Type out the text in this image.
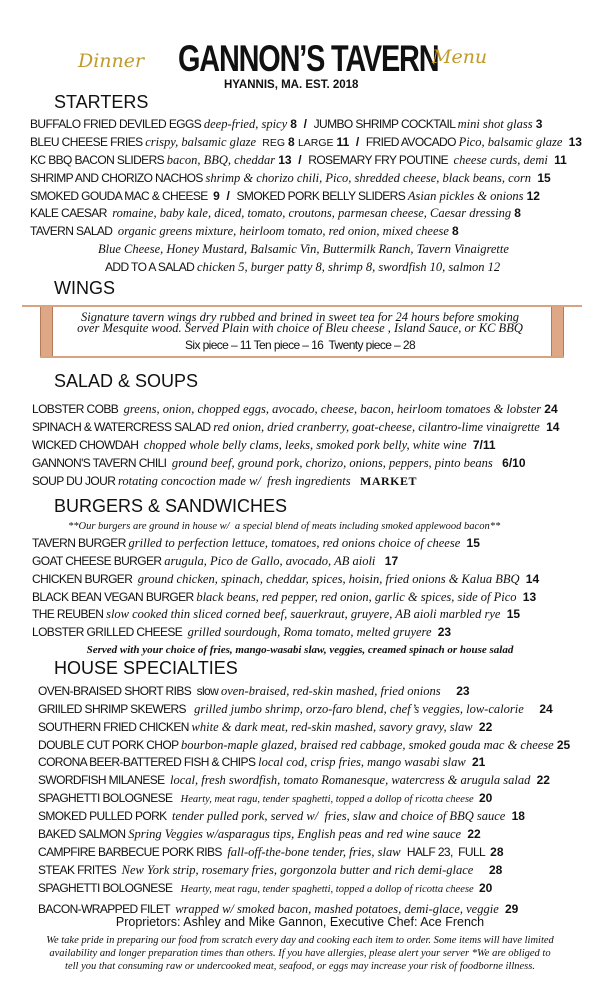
Dinner GANNON’S TAVERN
Menu
HYANNIS, MA. EST. 2018
STARTERS
WINGS
SALAD & SOUPS
BURGERS & SANDWICHES
HOUSE SPECIALTIES
BUFFALO FRIED DEVILED EGGS deep-fried, spicy 8  /  JUMBO SHRIMP COCKTAIL mini shot glass 3
BLEU CHEESE FRIES crispy, balsamic glaze  REG 8 LARGE 11  /  FRIED AVOCADO Pico, balsamic glaze  13
KC BBQ BACON SLIDERS bacon, BBQ, cheddar 13  /  ROSEMARY FRY POUTINE  cheese curds, demi  11
SHRIMP AND CHORIZO NACHOS shrimp & chorizo chili, Pico, shredded cheese, black beans, corn  15
SMOKED GOUDA MAC & CHEESE  9  /  SMOKED PORK BELLY SLIDERS Asian pickles & onions 12
KALE CAESAR  romaine, baby kale, diced, tomato, croutons, parmesan cheese, Caesar dressing 8
TAVERN SALAD  organic greens mixture, heirloom tomato, red onion, mixed cheese 8
Blue Cheese, Honey Mustard, Balsamic Vin, Buttermilk Ranch, Tavern Vinaigrette
ADD TO A SALAD chicken 5, burger patty 8, shrimp 8, swordfish 10, salmon 12
Signature tavern wings dry rubbed and brined in sweet tea for 24 hours before smoking
over Mesquite wood. Served Plain with choice of Bleu cheese , Island Sauce, or KC BBQ
Six piece – 11 Ten piece – 16  Twenty piece – 28
LOBSTER COBB  greens, onion, chopped eggs, avocado, cheese, bacon, heirloom tomatoes & lobster 24
SPINACH & WATERCRESS SALAD red onion, dried cranberry, goat-cheese, cilantro-lime vinaigrette  14
WICKED CHOWDAH  chopped whole belly clams, leeks, smoked pork belly, white wine  7/11
GANNON'S TAVERN CHILI  ground beef, ground pork, chorizo, onions, peppers, pinto beans   6/10
SOUP DU JOUR rotating concoction made w/  fresh ingredients   MARKET
**Our burgers are ground in house w/  a special blend of meats including smoked applewood bacon**
TAVERN BURGER grilled to perfection lettuce, tomatoes, red onions choice of cheese  15
GOAT CHEESE BURGER arugula, Pico de Gallo, avocado, AB aioli   17
CHICKEN BURGER  ground chicken, spinach, cheddar, spices, hoisin, fried onions & Kalua BBQ  14
BLACK BEAN VEGAN BURGER black beans, red pepper, red onion, garlic & spices, side of Pico  13
THE REUBEN slow cooked thin sliced corned beef, sauerkraut, gruyere, AB aioli marbled rye  15
LOBSTER GRILLED CHEESE  grilled sourdough, Roma tomato, melted gruyere  23
Served with your choice of fries, mango-wasabi slaw, veggies, creamed spinach or house salad
OVEN-BRAISED SHORT RIBS  slow oven-braised, red-skin mashed, fried onions     23
GRIILED SHRIMP SKEWERS   grilled jumbo shrimp, orzo-faro blend, chef’s veggies, low-calorie     24
SOUTHERN FRIED CHICKEN white & dark meat, red-skin mashed, savory gravy, slaw  22
DOUBLE CUT PORK CHOP bourbon-maple glazed, braised red cabbage, smoked gouda mac & cheese 25
CORONA BEER-BATTERED FISH & CHIPS local cod, crisp fries, mango wasabi slaw  21
SWORDFISH MILANESE  local, fresh swordfish, tomato Romanesque, watercress & arugula salad  22
SPAGHETTI BOLOGNESE   Hearty, meat ragu, tender spaghetti, topped a dollop of ricotta cheese  20
SMOKED PULLED PORK  tender pulled pork, served w/  fries, slaw and choice of BBQ sauce  18
BAKED SALMON Spring Veggies w/asparagus tips, English peas and red wine sauce  22
CAMPFIRE BARBECUE PORK RIBS  fall-off-the-bone tender, fries, slaw  HALF 23,  FULL  28
STEAK FRITES  New York strip, rosemary fries, gorgonzola butter and rich demi-glace     28
SPAGHETTI BOLOGNESE   Hearty, meat ragu, tender spaghetti, topped a dollop of ricotta cheese  20
BACON-WRAPPED FILET  wrapped w/ smoked bacon, mashed potatoes, demi-glace, veggie  29
Proprietors: Ashley and Mike Gannon, Executive Chef: Ace French
We take pride in preparing our food from scratch every day and cooking each item to order. Some items will have limited
availability and longer preparation times than others. If you have allergies, please alert your server *We are obliged to
tell you that consuming raw or undercooked meat, seafood, or eggs may increase your risk of foodborne illness.
